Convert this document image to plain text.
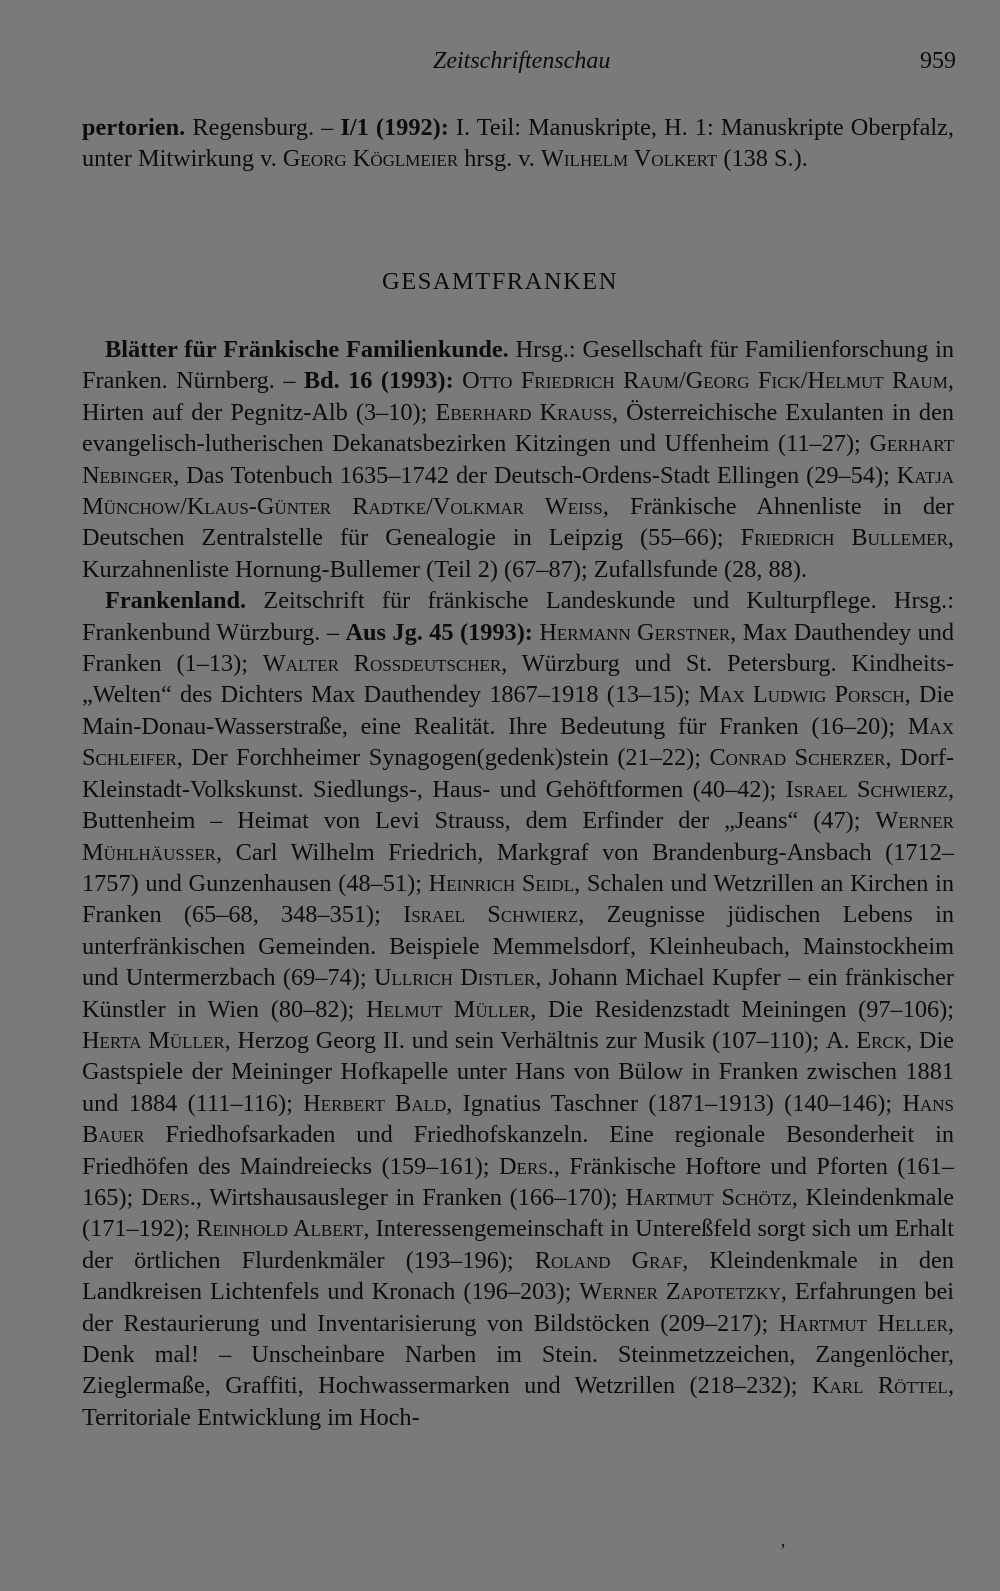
Zeitschriftenschau	959

pertorien. Regensburg. – I/1 (1992): I. Teil: Manuskripte, H. 1: Manuskripte Oberpfalz, unter Mitwirkung v. Georg Köglmeier hrsg. v. Wilhelm Volkert (138 S.).

GESAMTFRANKEN

Blätter für Fränkische Familienkunde. Hrsg.: Gesellschaft für Familienforschung in Franken. Nürnberg. – Bd. 16 (1993): Otto Friedrich Raum/Georg Fick/Helmut Raum, Hirten auf der Pegnitz-Alb (3–10); Eberhard Krauss, Österreichische Exulanten in den evangelisch-lutherischen Dekanatsbezirken Kitzingen und Uffenheim (11–27); Gerhart Nebinger, Das Totenbuch 1635–1742 der Deutsch-Ordens-Stadt Ellingen (29–54); Katja Münchow/Klaus-Günter Radtke/Volkmar Weiss, Fränkische Ahnenliste in der Deutschen Zentralstelle für Genealogie in Leipzig (55–66); Friedrich Bullemer, Kurzahnenliste Hornung-Bullemer (Teil 2) (67–87); Zufallsfunde (28, 88).

Frankenland. Zeitschrift für fränkische Landeskunde und Kulturpflege. Hrsg.: Frankenbund Würzburg. – Aus Jg. 45 (1993): Hermann Gerstner, Max Dauthendey und Franken (1–13); Walter Rossdeutscher, Würzburg und St. Petersburg. Kindheits-„Welten“ des Dichters Max Dauthendey 1867–1918 (13–15); Max Ludwig Porsch, Die Main-Donau-Wasserstraße, eine Realität. Ihre Bedeutung für Franken (16–20); Max Schleifer, Der Forchheimer Synagogen(gedenk)stein (21–22); Conrad Scherzer, Dorf-Kleinstadt-Volkskunst. Siedlungs-, Haus- und Gehöftformen (40–42); Israel Schwierz, Buttenheim – Heimat von Levi Strauss, dem Erfinder der „Jeans“ (47); Werner Mühlhäusser, Carl Wilhelm Friedrich, Markgraf von Brandenburg-Ansbach (1712–1757) und Gunzenhausen (48–51); Heinrich Seidl, Schalen und Wetzrillen an Kirchen in Franken (65–68, 348–351); Israel Schwierz, Zeugnisse jüdischen Lebens in unterfränkischen Gemeinden. Beispiele Memmelsdorf, Kleinheubach, Mainstockheim und Untermerzbach (69–74); Ullrich Distler, Johann Michael Kupfer – ein fränkischer Künstler in Wien (80–82); Helmut Müller, Die Residenzstadt Meiningen (97–106); Herta Müller, Herzog Georg II. und sein Verhältnis zur Musik (107–110); A. Erck, Die Gastspiele der Meininger Hofkapelle unter Hans von Bülow in Franken zwischen 1881 und 1884 (111–116); Herbert Bald, Ignatius Taschner (1871–1913) (140–146); Hans Bauer Friedhofsarkaden und Friedhofskanzeln. Eine regionale Besonderheit in Friedhöfen des Maindreiecks (159–161); Ders., Fränkische Hoftore und Pforten (161–165); Ders., Wirtshausausleger in Franken (166–170); Hartmut Schötz, Kleindenkmale (171–192); Reinhold Albert, Interessengemeinschaft in Untereßfeld sorgt sich um Erhalt der örtlichen Flurdenkmäler (193–196); Roland Graf, Kleindenkmale in den Landkreisen Lichtenfels und Kronach (196–203); Werner Zapotetzky, Erfahrungen bei der Restaurierung und Inventarisierung von Bildstöcken (209–217); Hartmut Heller, Denk mal! – Unscheinbare Narben im Stein. Steinmetzzeichen, Zangenlöcher, Zieglermaße, Graffiti, Hochwassermarken und Wetzrillen (218–232); Karl Röttel, Territoriale Entwicklung im Hoch-

‚
